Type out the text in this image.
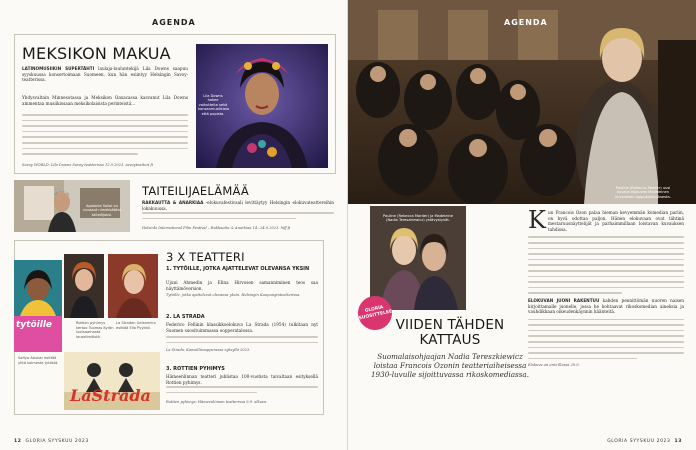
AGENDA
MEKSIKON MAKUA
LATINOMUSIIKIN SUPERTÄHTI laulaja-lauluntekijä Lila Downs saapuu syyskuussa konsertoimaan Suomeen, kun hän esiintyy Helsingin Savoy-teatterissa.
Yhdysvaltain Minnesotassa ja Meksikon Oaxacassa kasvanut Lila Downs ammentaa musiikissaan meksikolaisista perinteistä...
Savoy WORLD: Lila Downs Savoy-teatterissa 12.9.2023. savoyteatteri.fi
Lila Downs hakee vaikutteita sekä kansanmusiikista että popista.
Apolonia Sokol on noussut nimekkääksi taiteilijaksi.
TAITEILIJAELÄMÄÄ
RAKKAUTTA & ANARKIAA -elokuvafestivaali levittäytyy Helsingin elokuvateattereihin lokakuussa.
Helsinki International Film Festival – Rakkautta & Anarkiaa 14.–24.9.2023. hiff.fi
tytöille	Rottien pyhimys kertoo Tuomas Kyrön luotsaamasta lauseilmiöstä.
La Stradan Gelsomina esittää Ella Pyykkö.
LaStrada
Safiya Abukar esittää yhtä kolmesta tytöstä.
3 X TEATTERI
1. TYTÖILLE, JOTKA AJATTELEVAT OLEVANSA YKSIN
Ujuni Ahmedin ja Elina Hirvosen samanniminen teos saa näyttämöversion.
Tytöille, jotka ajattelevat olevansa yksin. Helsingin Kaupunginteatterissa.
2. LA STRADA
Federico Fellinin klassikkoelokuva La Strada (1954) tulkitaan nyt Suomen suosituimmassa oopperatalossa.
La Strada, Kansallisoopperassa syksyllä 2023.
3. ROTTIEN PYHIMYS
Hämeenlinnan teatteri juhlistaa 100-vuotista taivaltaan esityksellä Rottien pyhimys.
Rottien pyhimys: Hämeenlinnan teatterissa 9.9. alkaen.
12 GLORIA SYYSKUU 2023
AGENDA
Pauline (Rebecca Marder) uusi kuvaus elokuvan Madeleinen kuvauksen loppukohtauksesta.
Pauline (Rebecca Marder) ja Madeleine (Nadia Tereszkiewicz) ystävystyvät.
GLORIA SUOSITTELEE
VIIDEN TÄHDEN KATTAUS
Suomalaisohjaajan Nadia Tereszkiewicz loistaa Francois Ozonin teatteriaiheisessa 1930-luvulle sijoittuvassa rikoskomediassa.
K un Francois Ozon palaa hieman kevyemmän komedian pariin, on hyvä odottaa paljon. Hänen elokuvaan ovat tähtinä mestaruusnäyttelijät ja parhaimmillaan loistavan kuvauksen tahdissa.
ELOKUVAN JUONI RAKENTUU kahden pennittömän nuoren naisen kirjoittamalle juonelle, jossa he kohtaavat rikoskomedian aineksia ja vauhdikkaan oikeudenkäynnin käänteitä.
Elokuva on ensi-illassa 29.9.
GLORIA SYYSKUU 2023 13
